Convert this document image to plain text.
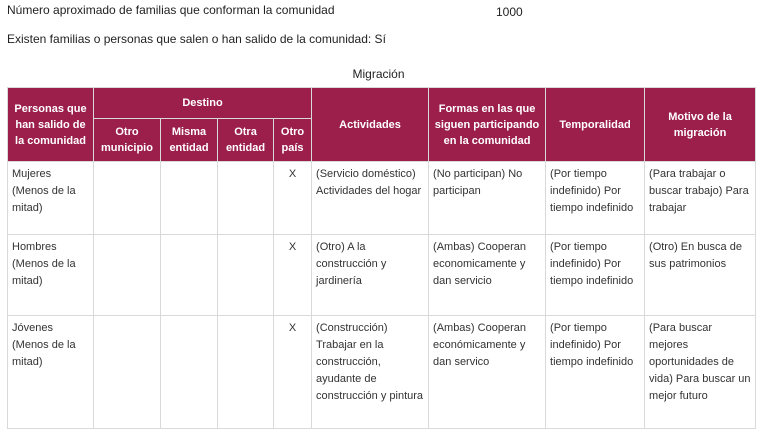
Número aproximado de familias que conforman la comunidad	1000
Existen familias o personas que salen o han salido de la comunidad: Sí
Migración
Personas que han salido de la comunidad	Destino				Actividades	Formas en las que siguen participando en la comunidad	Temporalidad	Motivo de la migración
	Otro municipio	Misma entidad	Otra entidad	Otro país				
Mujeres (Menos de la mitad)				X	(Servicio doméstico) Actividades del hogar	(No participan) No participan	(Por tiempo indefinido) Por tiempo indefinido	(Para trabajar o buscar trabajo) Para trabajar
Hombres (Menos de la mitad)				X	(Otro) A la construcción y jardinería	(Ambas) Cooperan economicamente y dan servicio	(Por tiempo indefinido) Por tiempo indefinido	(Otro) En busca de sus patrimonios
Jóvenes (Menos de la mitad)				X	(Construcción) Trabajar en la construcción, ayudante de construcción y pintura	(Ambas) Cooperan económicamente y dan servico	(Por tiempo indefinido) Por tiempo indefinido	(Para buscar mejores oportunidades de vida) Para buscar un mejor futuro
